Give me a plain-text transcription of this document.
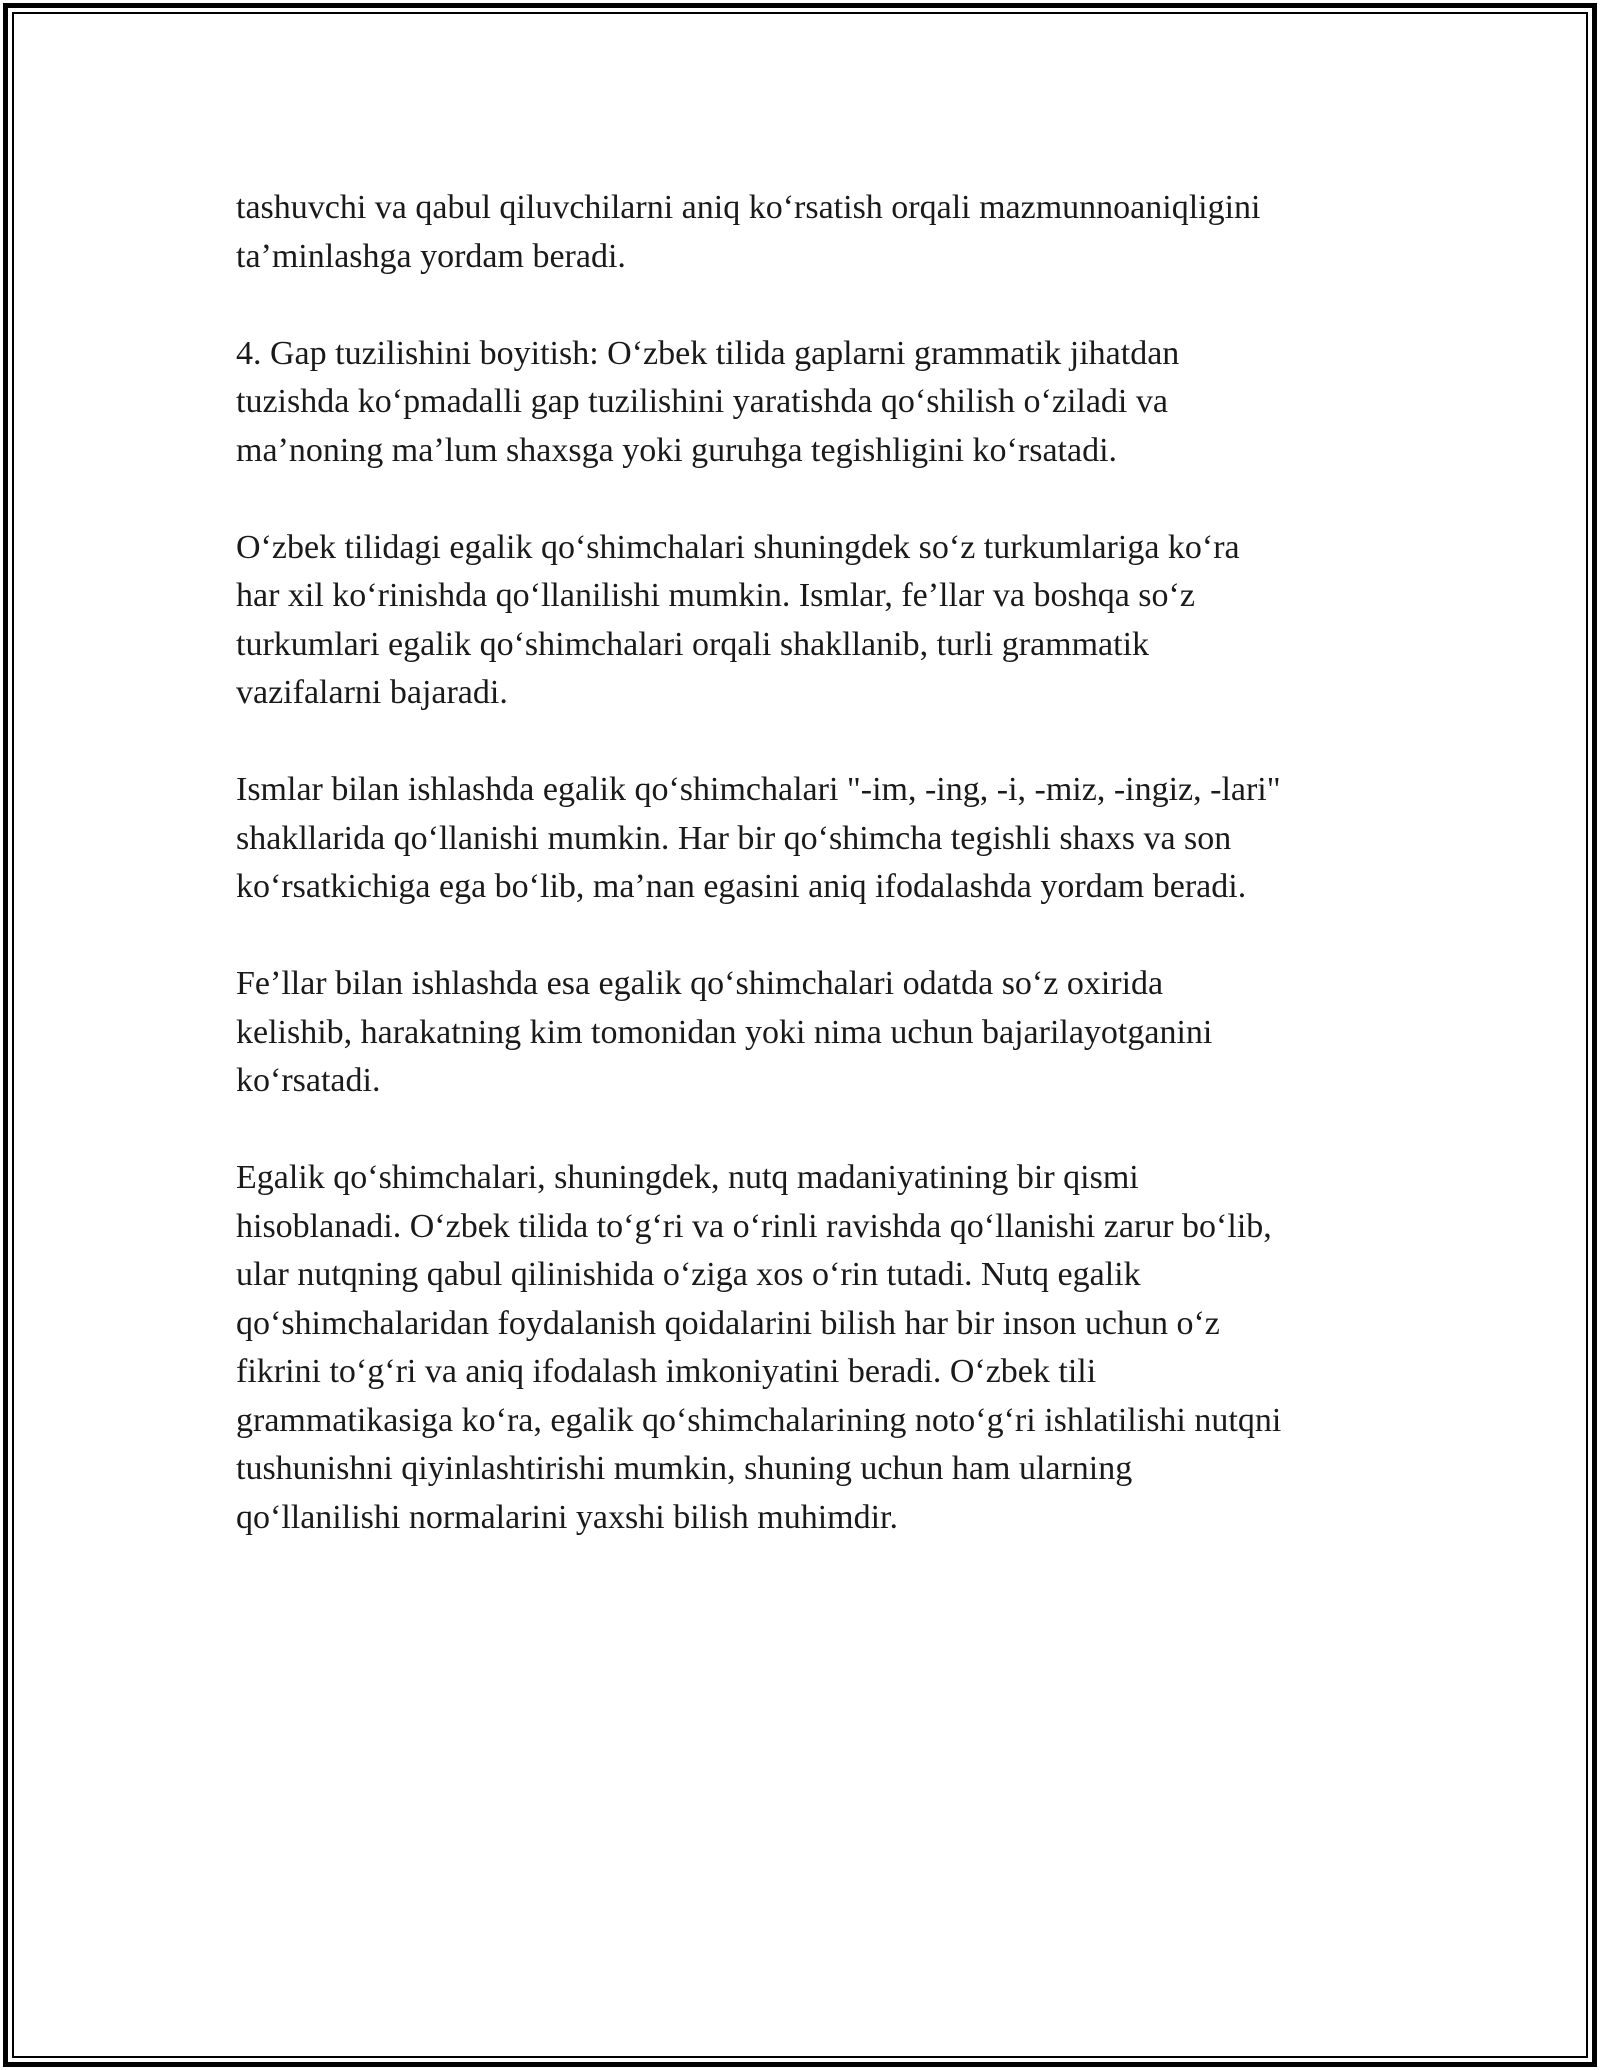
tashuvchi va qabul qiluvchilarni aniq koʻrsatish orqali mazmunnoaniqligini
taʼminlashga yordam beradi.

4. Gap tuzilishini boyitish: Oʻzbek tilida gaplarni grammatik jihatdan
tuzishda koʻpmadalli gap tuzilishini yaratishda qoʻshilish oʻziladi va
maʼnoning maʼlum shaxsga yoki guruhga tegishligini koʻrsatadi.

Oʻzbek tilidagi egalik qoʻshimchalari shuningdek soʻz turkumlariga koʻra
har xil koʻrinishda qoʻllanilishi mumkin. Ismlar, feʼllar va boshqa soʻz
turkumlari egalik qoʻshimchalari orqali shakllanib, turli grammatik
vazifalarni bajaradi.

Ismlar bilan ishlashda egalik qoʻshimchalari "-im, -ing, -i, -miz, -ingiz, -lari"
shakllarida qoʻllanishi mumkin. Har bir qoʻshimcha tegishli shaxs va son
koʻrsatkichiga ega boʻlib, maʼnan egasini aniq ifodalashda yordam beradi.

Feʼllar bilan ishlashda esa egalik qoʻshimchalari odatda soʻz oxirida
kelishib, harakatning kim tomonidan yoki nima uchun bajarilayotganini
koʻrsatadi.

Egalik qoʻshimchalari, shuningdek, nutq madaniyatining bir qismi
hisoblanadi. Oʻzbek tilida toʻgʻri va oʻrinli ravishda qoʻllanishi zarur boʻlib,
ular nutqning qabul qilinishida oʻziga xos oʻrin tutadi. Nutq egalik
qoʻshimchalaridan foydalanish qoidalarini bilish har bir inson uchun oʻz
fikrini toʻgʻri va aniq ifodalash imkoniyatini beradi. Oʻzbek tili
grammatikasiga koʻra, egalik qoʻshimchalarining notoʻgʻri ishlatilishi nutqni
tushunishni qiyinlashtirishi mumkin, shuning uchun ham ularning
qoʻllanilishi normalarini yaxshi bilish muhimdir.
